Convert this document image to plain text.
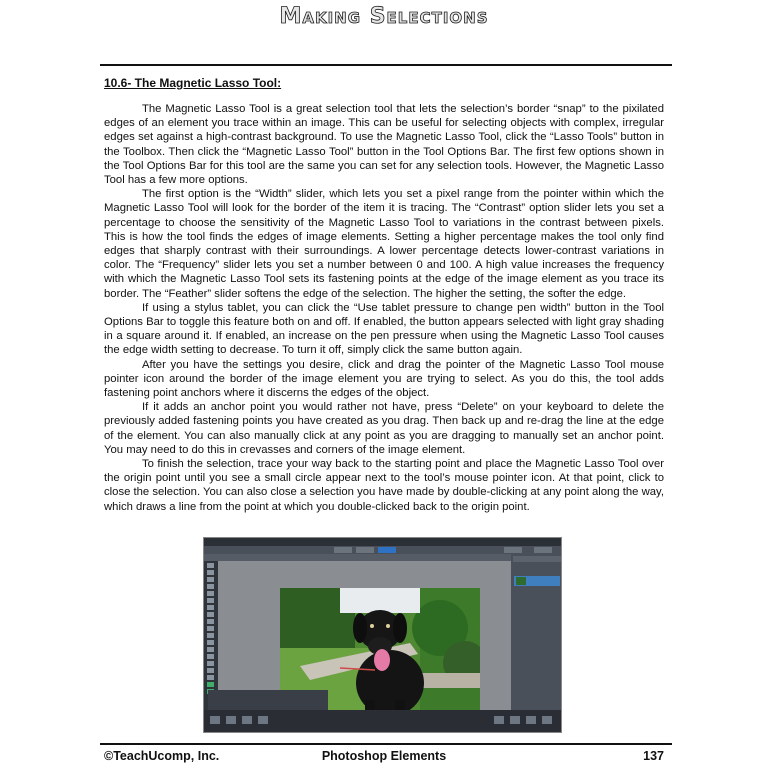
Making Selections
10.6- The Magnetic Lasso Tool:

The Magnetic Lasso Tool is a great selection tool that lets the selection’s border “snap” to the pixilated edges of an element you trace within an image. This can be useful for selecting objects with complex, irregular edges set against a high-contrast background. To use the Magnetic Lasso Tool, click the “Lasso Tools” button in the Toolbox. Then click the “Magnetic Lasso Tool” button in the Tool Options Bar. The first few options shown in the Tool Options Bar for this tool are the same you can set for any selection tools. However, the Magnetic Lasso Tool has a few more options.

The first option is the “Width” slider, which lets you set a pixel range from the pointer within which the Magnetic Lasso Tool will look for the border of the item it is tracing. The “Contrast” option slider lets you set a percentage to choose the sensitivity of the Magnetic Lasso Tool to variations in the contrast between pixels. This is how the tool finds the edges of image elements. Setting a higher percentage makes the tool only find edges that sharply contrast with their surroundings. A lower percentage detects lower-contrast variations in color. The “Frequency” slider lets you set a number between 0 and 100. A high value increases the frequency with which the Magnetic Lasso Tool sets its fastening points at the edge of the image element as you trace its border. The “Feather” slider softens the edge of the selection. The higher the setting, the softer the edge.

If using a stylus tablet, you can click the “Use tablet pressure to change pen width” button in the Tool Options Bar to toggle this feature both on and off. If enabled, the button appears selected with light gray shading in a square around it. If enabled, an increase on the pen pressure when using the Magnetic Lasso Tool causes the edge width setting to decrease. To turn it off, simply click the same button again.

After you have the settings you desire, click and drag the pointer of the Magnetic Lasso Tool mouse pointer icon around the border of the image element you are trying to select. As you do this, the tool adds fastening point anchors where it discerns the edges of the object.

If it adds an anchor point you would rather not have, press “Delete” on your keyboard to delete the previously added fastening points you have created as you drag. Then back up and re-drag the line at the edge of the element. You can also manually click at any point as you are dragging to manually set an anchor point. You may need to do this in crevasses and corners of the image element.

To finish the selection, trace your way back to the starting point and place the Magnetic Lasso Tool over the origin point until you see a small circle appear next to the tool’s mouse pointer icon. At that point, click to close the selection. You can also close a selection you have made by double-clicking at any point along the way, which draws a line from the point at which you double-clicked back to the origin point.

©TeachUcomp, Inc.	Photoshop Elements	137
